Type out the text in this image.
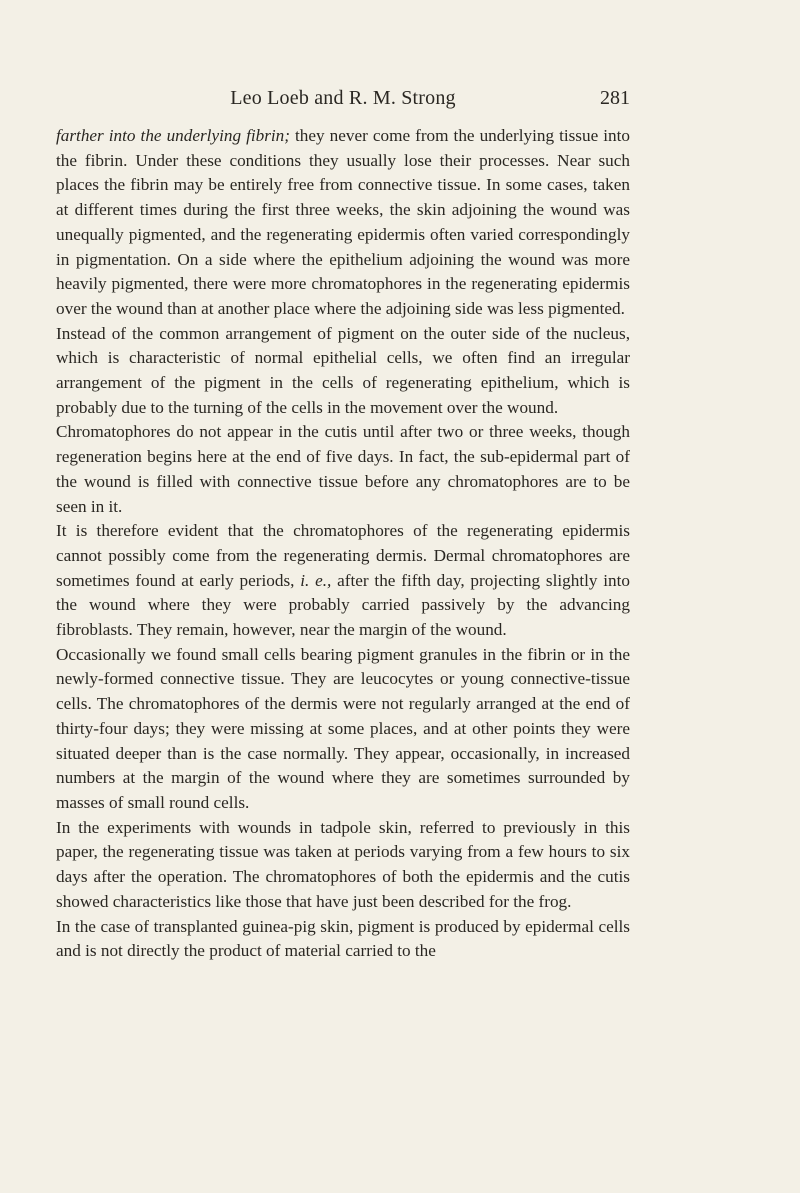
Leo Loeb and R. M. Strong	281

farther into the underlying fibrin; they never come from the underlying tissue into the fibrin. Under these conditions they usually lose their processes. Near such places the fibrin may be entirely free from connective tissue. In some cases, taken at different times during the first three weeks, the skin adjoining the wound was unequally pigmented, and the regenerating epidermis often varied correspondingly in pigmentation. On a side where the epithelium adjoining the wound was more heavily pigmented, there were more chromatophores in the regenerating epidermis over the wound than at another place where the adjoining side was less pigmented.

Instead of the common arrangement of pigment on the outer side of the nucleus, which is characteristic of normal epithelial cells, we often find an irregular arrangement of the pigment in the cells of regenerating epithelium, which is probably due to the turning of the cells in the movement over the wound.

Chromatophores do not appear in the cutis until after two or three weeks, though regeneration begins here at the end of five days. In fact, the sub-epidermal part of the wound is filled with connective tissue before any chromatophores are to be seen in it.

It is therefore evident that the chromatophores of the regenerating epidermis cannot possibly come from the regenerating dermis. Dermal chromatophores are sometimes found at early periods, i. e., after the fifth day, projecting slightly into the wound where they were probably carried passively by the advancing fibroblasts. They remain, however, near the margin of the wound.

Occasionally we found small cells bearing pigment granules in the fibrin or in the newly-formed connective tissue. They are leucocytes or young connective-tissue cells. The chromatophores of the dermis were not regularly arranged at the end of thirty-four days; they were missing at some places, and at other points they were situated deeper than is the case normally. They appear, occasionally, in increased numbers at the margin of the wound where they are sometimes surrounded by masses of small round cells.

In the experiments with wounds in tadpole skin, referred to previously in this paper, the regenerating tissue was taken at periods varying from a few hours to six days after the operation. The chromatophores of both the epidermis and the cutis showed characteristics like those that have just been described for the frog.

In the case of transplanted guinea-pig skin, pigment is produced by epidermal cells and is not directly the product of material carried to the
